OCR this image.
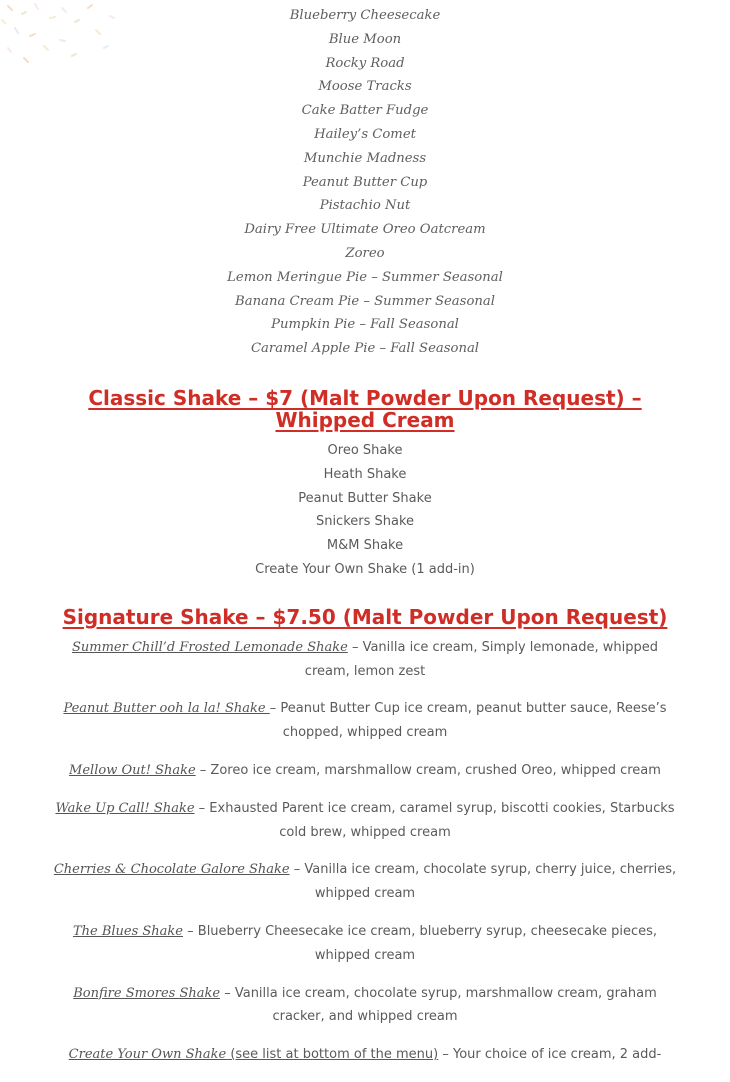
Blueberry Cheesecake
Blue Moon
Rocky Road
Moose Tracks
Cake Batter Fudge
Hailey’s Comet
Munchie Madness
Peanut Butter Cup
Pistachio Nut
Dairy Free Ultimate Oreo Oatcream
Zoreo
Lemon Meringue Pie – Summer Seasonal
Banana Cream Pie – Summer Seasonal
Pumpkin Pie – Fall Seasonal
Caramel Apple Pie – Fall Seasonal
Classic Shake – $7 (Malt Powder Upon Request) – Whipped Cream
Oreo Shake
Heath Shake
Peanut Butter Shake
Snickers Shake
M&M Shake
Create Your Own Shake (1 add-in)
Signature Shake – $7.50 (Malt Powder Upon Request)

Summer Chill’d Frosted Lemonade Shake – Vanilla ice cream, Simply lemonade, whipped cream, lemon zest

Peanut Butter ooh la la! Shake – Peanut Butter Cup ice cream, peanut butter sauce, Reese’s chopped, whipped cream

Mellow Out! Shake – Zoreo ice cream, marshmallow cream, crushed Oreo, whipped cream

Wake Up Call! Shake – Exhausted Parent ice cream, caramel syrup, biscotti cookies, Starbucks cold brew, whipped cream

Cherries & Chocolate Galore Shake – Vanilla ice cream, chocolate syrup, cherry juice, cherries, whipped cream

The Blues Shake – Blueberry Cheesecake ice cream, blueberry syrup, cheesecake pieces, whipped cream

Bonfire Smores Shake – Vanilla ice cream, chocolate syrup, marshmallow cream, graham cracker, and whipped cream

Create Your Own Shake (see list at bottom of the menu) – Your choice of ice cream, 2 add-
